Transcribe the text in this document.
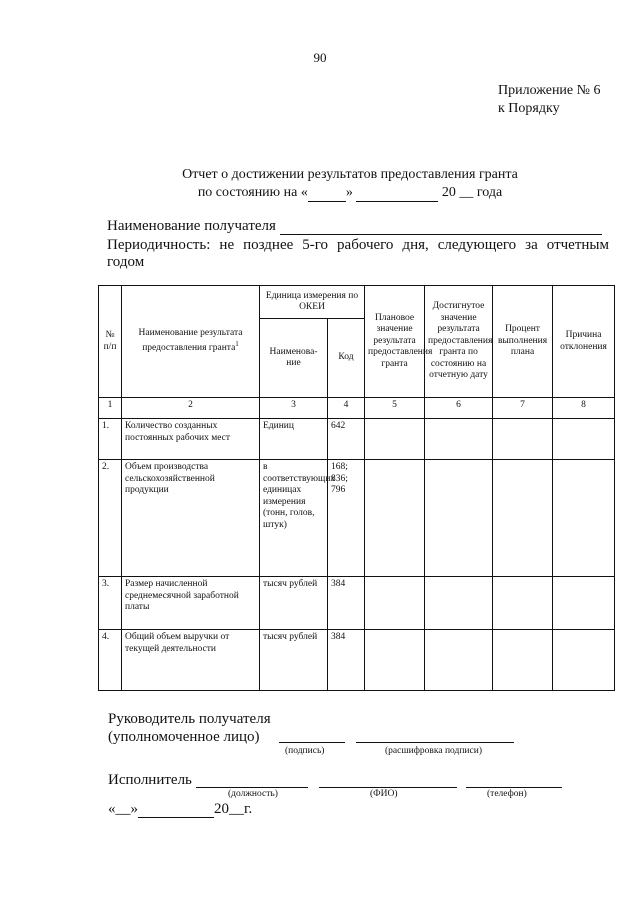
90
Приложение № 6
к Порядку
Отчет о достижении результатов предоставления гранта
по состоянию на «	»	20 __ года
Наименование получателя
Периодичность: не позднее 5-го рабочего дня, следующего за отчетным
годом
№ п/п	Наименование результата предоставления гранта$^1$	Единица измерения по ОКЕИ		Плановое значение результата предоставления гранта	Достигнутое значение результата предоставления гранта по состоянию на отчетную дату	Процент выполнения плана	Причина отклонения
		Наименова-ние	Код				
1	2	3	4	5	6	7	8
1.	Количество созданных постоянных рабочих мест	Единиц	642				
2.	Объем производства сельскохозяйственной продукции	в соответствующих единицах измерения (тонн, голов, штук)	168; 836; 796				
3.	Размер начисленной среднемесячной заработной платы	тысяч рублей	384				
4.	Общий объем выручки от текущей деятельности	тысяч рублей	384				
Руководитель получателя
(уполномоченное лицо)
(подпись)	(расшифровка подписи)
Исполнитель
(должность)	(ФИО)	(телефон)
«__»	20__г.
